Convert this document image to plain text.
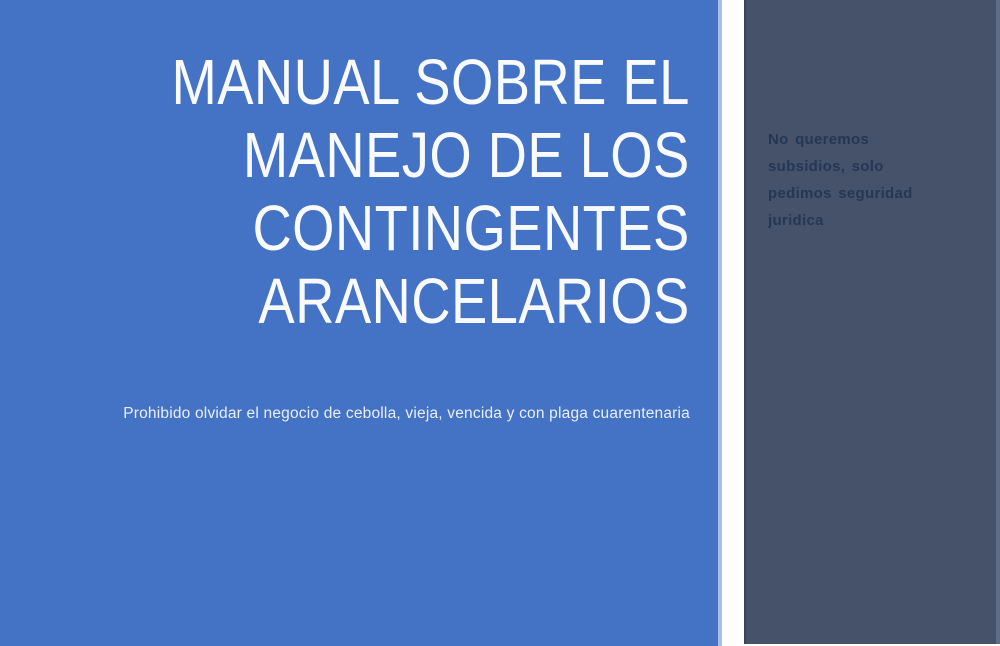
MANUAL SOBRE EL
MANEJO DE LOS
CONTINGENTES
ARANCELARIOS
Prohibido olvidar el negocio de cebolla, vieja, vencida y con plaga cuarentenaria
No queremos
subsidios, solo
pedimos seguridad
juridica
